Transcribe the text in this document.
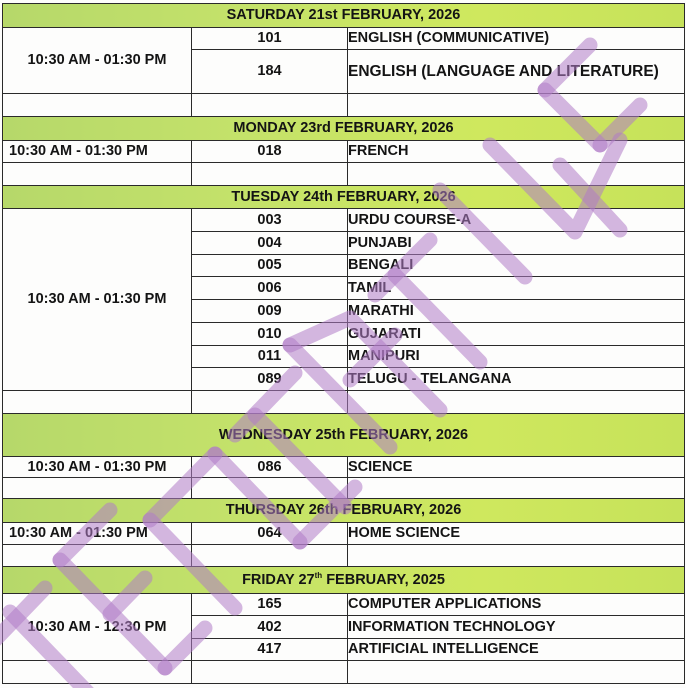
SATURDAY 21st FEBRUARY, 2026		
10:30 AM - 01:30 PM	101	ENGLISH (COMMUNICATIVE)
	184	ENGLISH (LANGUAGE AND LITERATURE)

MONDAY 23rd FEBRUARY, 2026		
10:30 AM - 01:30 PM	018	FRENCH

TUESDAY 24th FEBRUARY, 2026		
10:30 AM - 01:30 PM	003	URDU COURSE-A
	004	PUNJABI
	005	BENGALI
	006	TAMIL
	009	MARATHI
	010	GUJARATI
	011	MANIPURI
	089	TELUGU - TELANGANA

WEDNESDAY 25th FEBRUARY, 2026		
10:30 AM - 01:30 PM	086	SCIENCE

THURSDAY 26th FEBRUARY, 2026		
10:30 AM - 01:30 PM	064	HOME SCIENCE

FRIDAY 27th FEBRUARY, 2025		
10:30 AM - 12:30 PM	165	COMPUTER APPLICATIONS
	402	INFORMATION TECHNOLOGY
	417	ARTIFICIAL INTELLIGENCE
